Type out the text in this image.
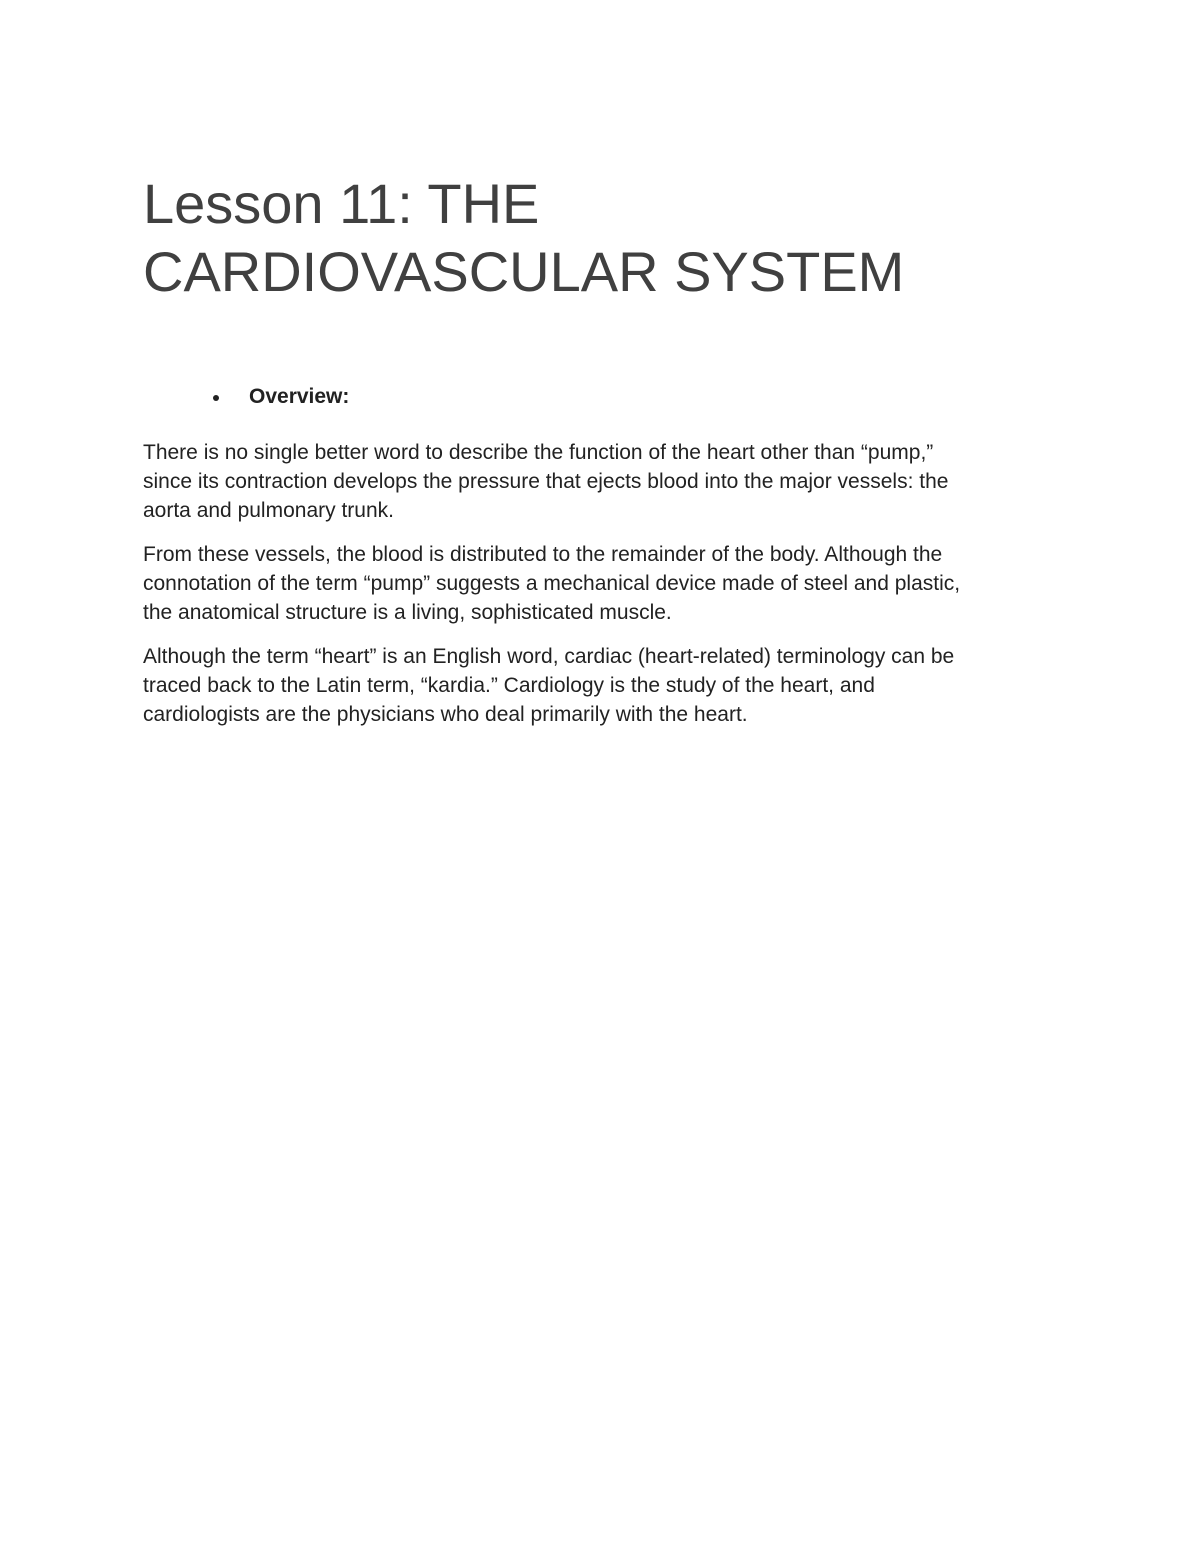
Lesson 11: THE
CARDIOVASCULAR SYSTEM
Overview:

There is no single better word to describe the function of the heart other than “pump,”
since its contraction develops the pressure that ejects blood into the major vessels: the
aorta and pulmonary trunk.

From these vessels, the blood is distributed to the remainder of the body. Although the
connotation of the term “pump” suggests a mechanical device made of steel and plastic,
the anatomical structure is a living, sophisticated muscle.

Although the term “heart” is an English word, cardiac (heart-related) terminology can be
traced back to the Latin term, “kardia.” Cardiology is the study of the heart, and
cardiologists are the physicians who deal primarily with the heart.
